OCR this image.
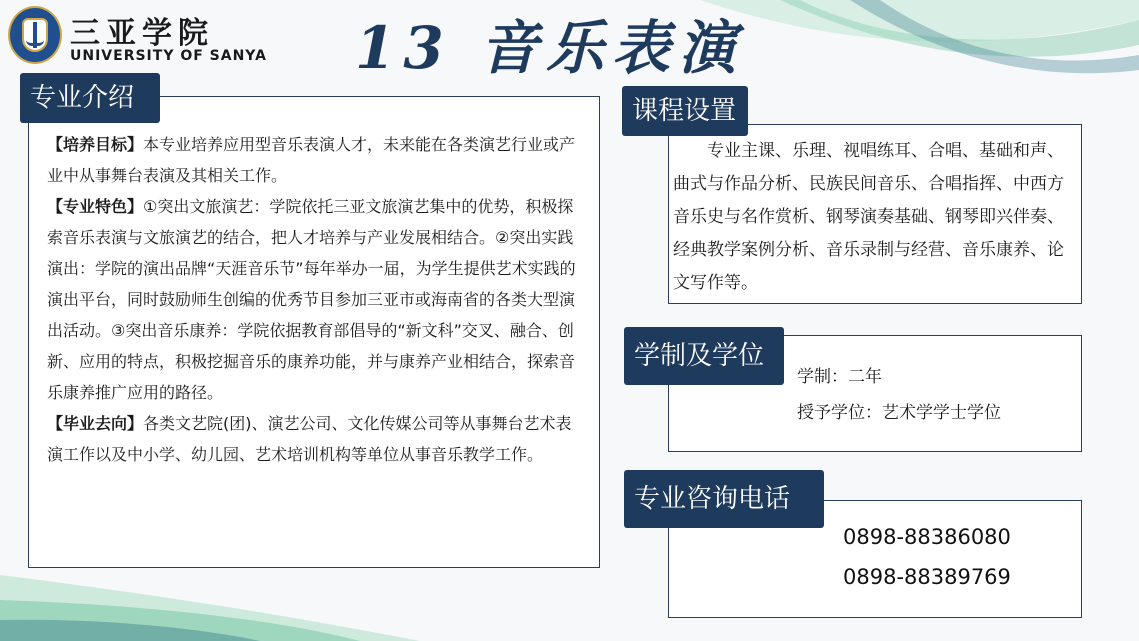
三亚学院
UNIVERSITY OF SANYA 13 音乐表演

【培养目标】本专业培养应用型音乐表演人才，未来能在各类演艺行业或产业中从事舞台表演及其相关工作。

【专业特色】①突出文旅演艺：学院依托三亚文旅演艺集中的优势，积极探索音乐表演与文旅演艺的结合，把人才培养与产业发展相结合。②突出实践演出：学院的演出品牌“天涯音乐节”每年举办一届，为学生提供艺术实践的演出平台，同时鼓励师生创编的优秀节目参加三亚市或海南省的各类大型演出活动。③突出音乐康养：学院依据教育部倡导的“新文科”交叉、融合、创新、应用的特点，积极挖掘音乐的康养功能，并与康养产业相结合，探索音乐康养推广应用的路径。

【毕业去向】各类文艺院(团)、演艺公司、文化传媒公司等从事舞台艺术表演工作以及中小学、幼儿园、艺术培训机构等单位从事音乐教学工作。

专业介绍
专业主课、乐理、视唱练耳、合唱、基础和声、曲式与作品分析、民族民间音乐、合唱指挥、中西方音乐史与名作赏析、钢琴演奏基础、钢琴即兴伴奏、经典教学案例分析、音乐录制与经营、音乐康养、论文写作等。
课程设置
学制：二年
授予学位：艺术学学士学位
学制及学位
0898-88386080
0898-88389769
专业咨询电话
